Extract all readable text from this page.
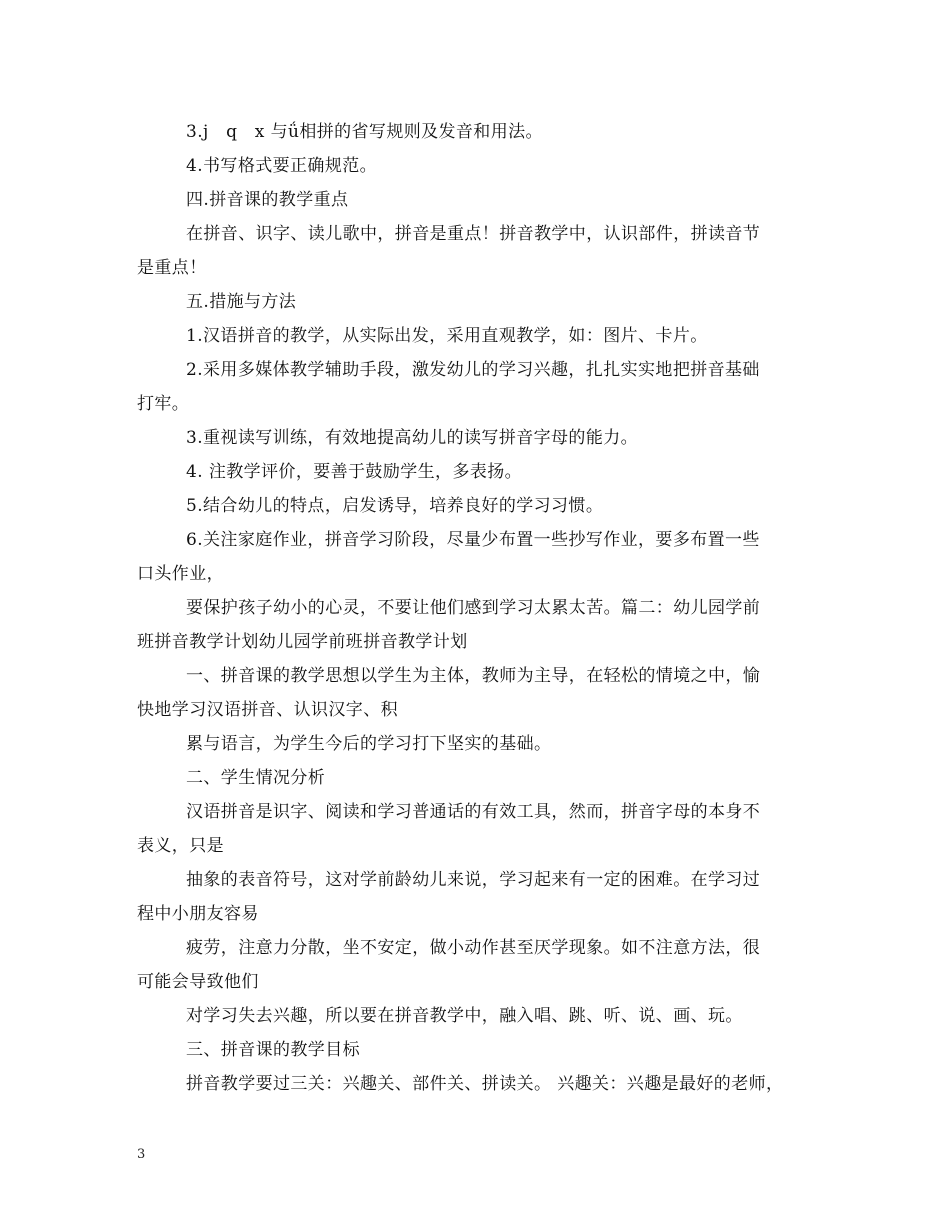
3.j　q　x 与ǘ相拼的省写规则及发音和用法。
4.书写格式要正确规范。
四.拼音课的教学重点
在拼音、识字、读儿歌中，拼音是重点！拼音教学中，认识部件，拼读音节
是重点！
五.措施与方法
1.汉语拼音的教学，从实际出发，采用直观教学，如：图片、卡片。
2.采用多媒体教学辅助手段，激发幼儿的学习兴趣，扎扎实实地把拼音基础
打牢。
3.重视读写训练，有效地提高幼儿的读写拼音字母的能力。
4. 注教学评价，要善于鼓励学生，多表扬。
5.结合幼儿的特点，启发诱导，培养良好的学习习惯。
6.关注家庭作业，拼音学习阶段，尽量少布置一些抄写作业，要多布置一些
口头作业，
要保护孩子幼小的心灵，不要让他们感到学习太累太苦。篇二：幼儿园学前
班拼音教学计划幼儿园学前班拼音教学计划
一、拼音课的教学思想以学生为主体，教师为主导，在轻松的情境之中，愉
快地学习汉语拼音、认识汉字、积
累与语言，为学生今后的学习打下坚实的基础。
二、学生情况分析
汉语拼音是识字、阅读和学习普通话的有效工具，然而，拼音字母的本身不
表义，只是
抽象的表音符号，这对学前龄幼儿来说，学习起来有一定的困难。在学习过
程中小朋友容易
疲劳，注意力分散，坐不安定，做小动作甚至厌学现象。如不注意方法，很
可能会导致他们
对学习失去兴趣，所以要在拼音教学中，融入唱、跳、听、说、画、玩。
三、拼音课的教学目标
拼音教学要过三关：兴趣关、部件关、拼读关。 兴趣关：兴趣是最好的老师，
3
